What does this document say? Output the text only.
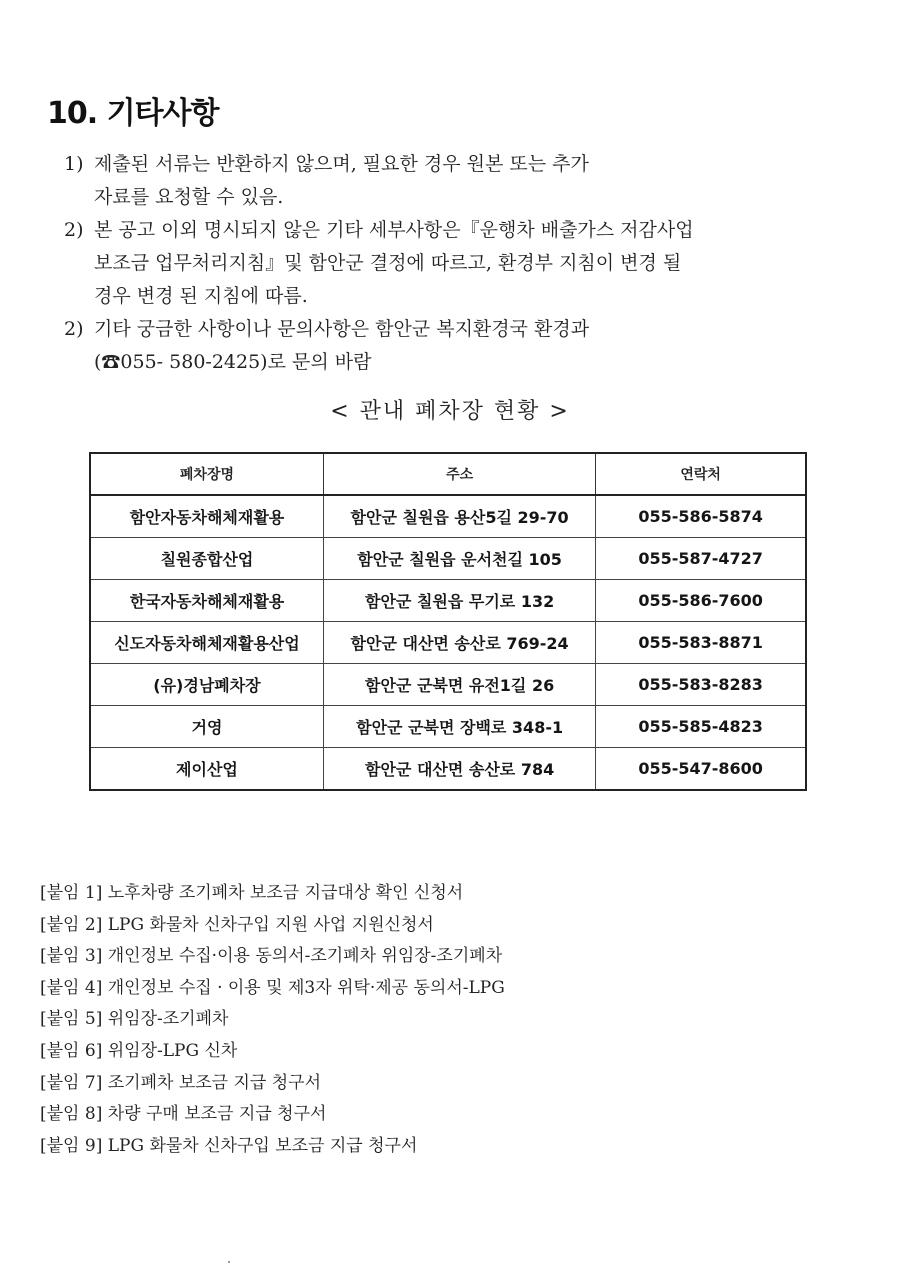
10. 기타사항
1) 제출된 서류는 반환하지 않으며, 필요한 경우 원본 또는 추가
자료를 요청할 수 있음.
2) 본 공고 이외 명시되지 않은 기타 세부사항은『운행차 배출가스 저감사업
보조금 업무처리지침』및 함안군 결정에 따르고, 환경부 지침이 변경 될
경우 변경 된 지침에 따름.
2) 기타 궁금한 사항이나 문의사항은 함안군 복지환경국 환경과
(☎055- 580-2425)로 문의 바람
< 관내 폐차장 현황 >
폐차장명	주소	연락처
함안자동차해체재활용	함안군 칠원읍 용산5길 29-70	055-586-5874
칠원종합산업	함안군 칠원읍 운서천길 105	055-587-4727
한국자동차해체재활용	함안군 칠원읍 무기로 132	055-586-7600
신도자동차해체재활용산업	함안군 대산면 송산로 769-24	055-583-8871
(유)경남폐차장	함안군 군북면 유전1길 26	055-583-8283
거영	함안군 군북면 장백로 348-1	055-585-4823
제이산업	함안군 대산면 송산로 784	055-547-8600
[붙임 1] 노후차량 조기폐차 보조금 지급대상 확인 신청서
[붙임 2] LPG 화물차 신차구입 지원 사업 지원신청서
[붙임 3] 개인정보 수집·이용 동의서-조기폐차 위임장-조기폐차
[붙임 4] 개인정보 수집 · 이용 및 제3자 위탁·제공 동의서-LPG
[붙임 5] 위임장-조기폐차
[붙임 6] 위임장-LPG 신차
[붙임 7] 조기폐차 보조금 지급 청구서
[붙임 8] 차량 구매 보조금 지급 청구서
[붙임 9] LPG 화물차 신차구입 보조금 지급 청구서
